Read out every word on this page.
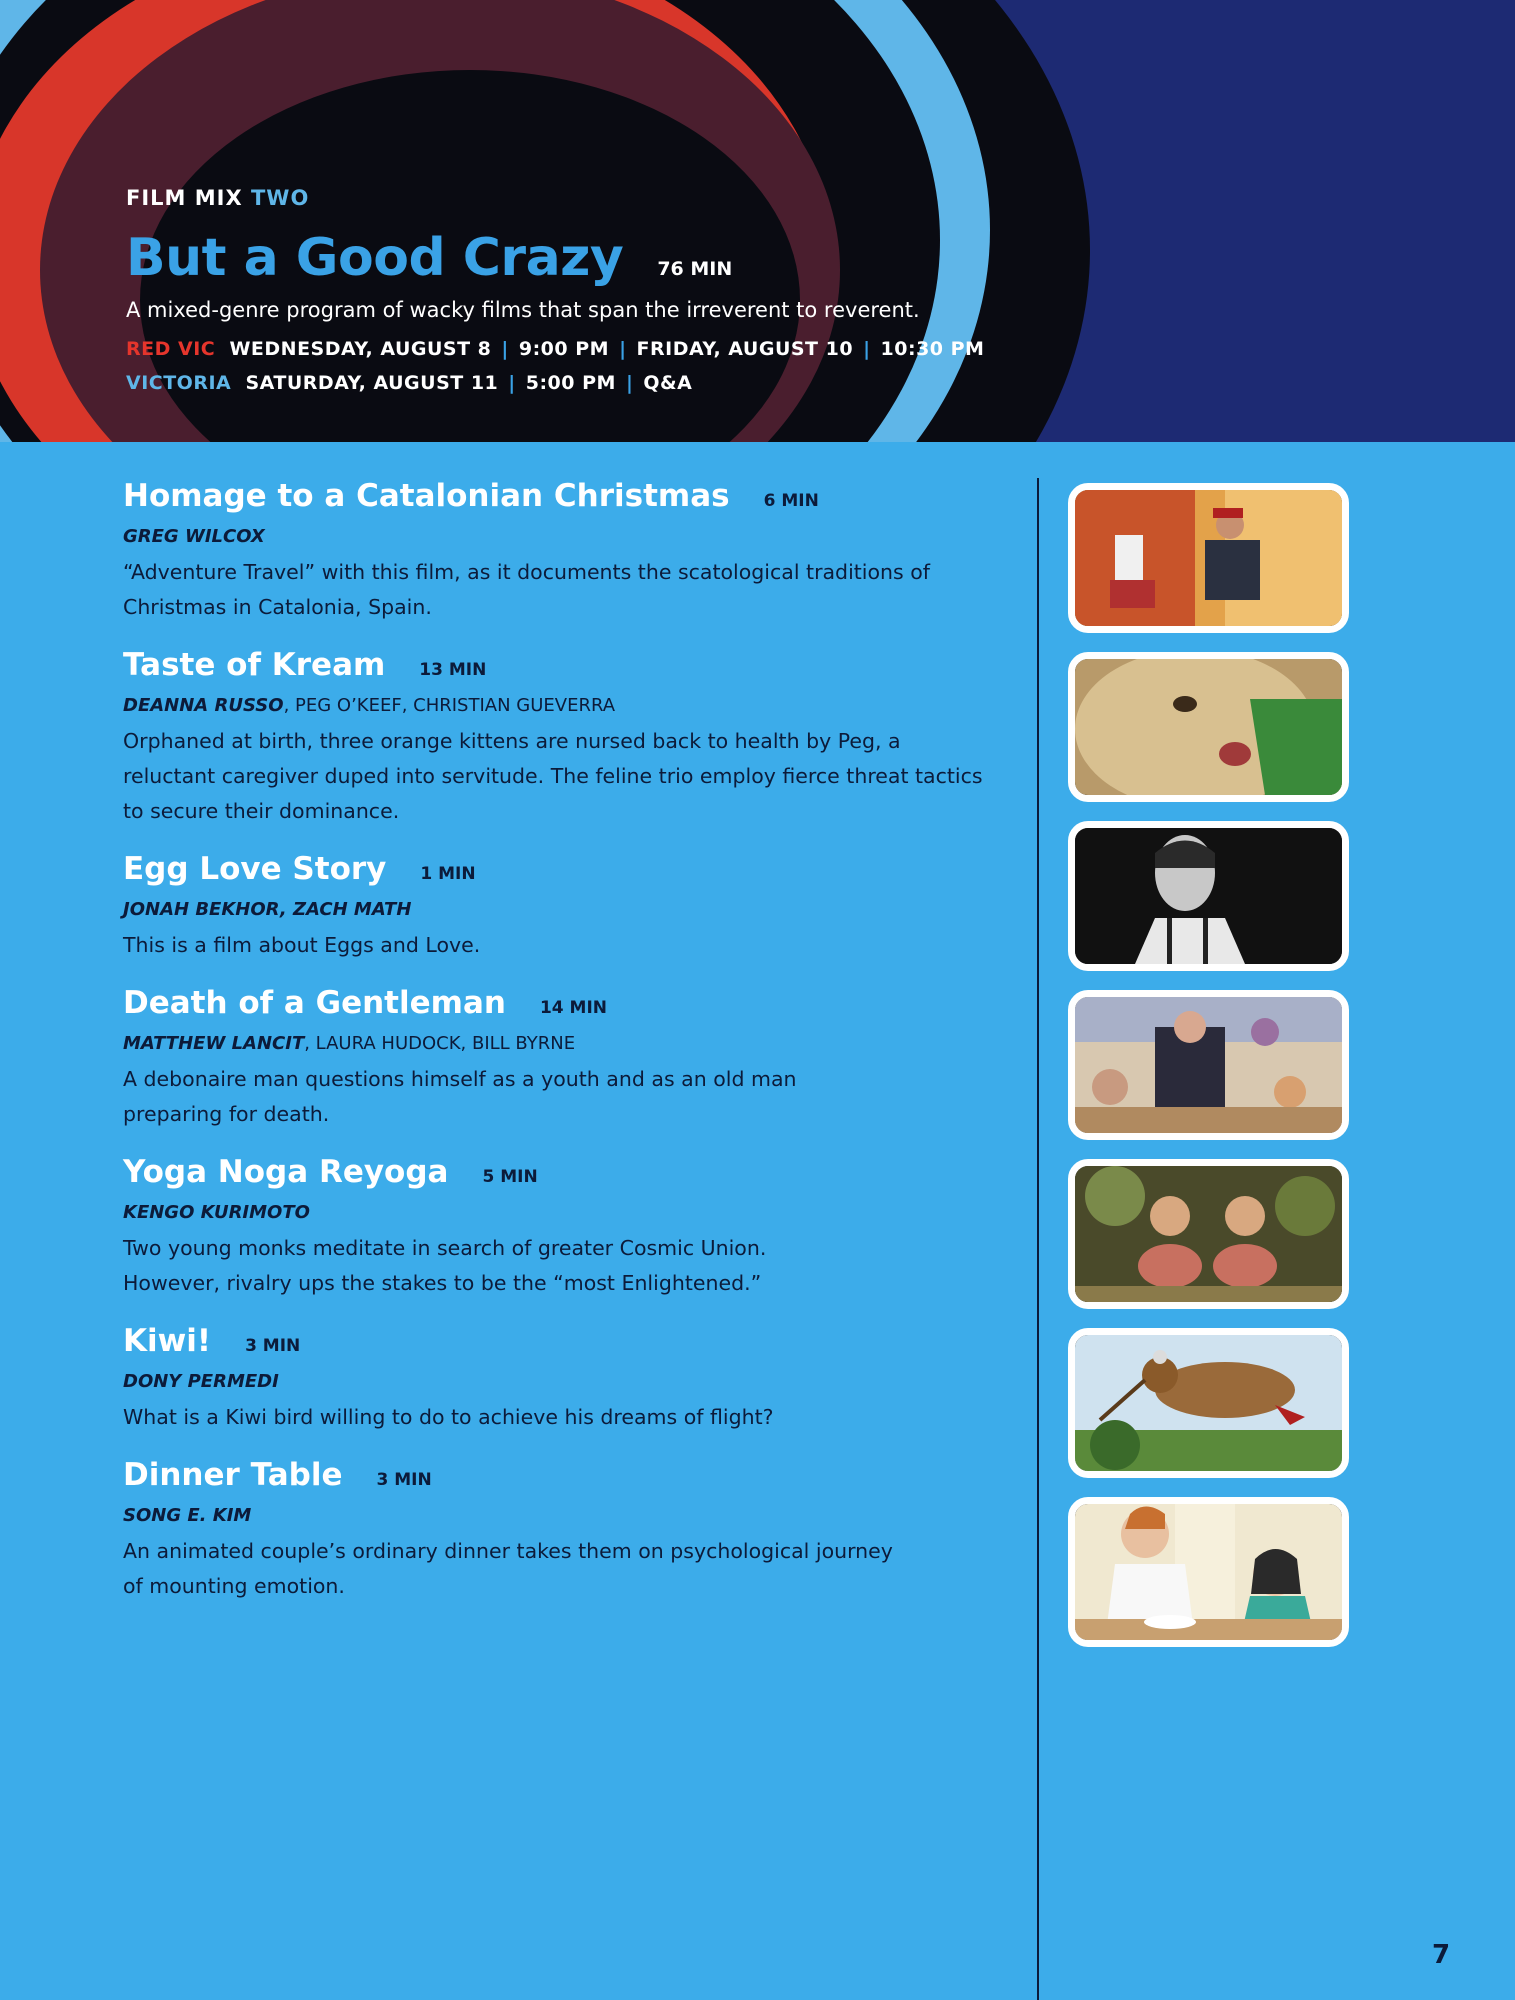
FILM MIX TWO
But a Good Crazy 76 MIN
A mixed-genre program of wacky films that span the irreverent to reverent.
RED VIC WEDNESDAY, AUGUST 8 | 9:00 PM | FRIDAY, AUGUST 10 | 10:30 PM
VICTORIA SATURDAY, AUGUST 11 | 5:00 PM | Q&A
Homage to a Catalonian Christmas 6 MIN
GREG WILCOX
“Adventure Travel” with this film, as it documents the scatological traditions of
Christmas in Catalonia, Spain.
Taste of Kream 13 MIN
DEANNA RUSSO, PEG O’KEEF, CHRISTIAN GUEVERRA
Orphaned at birth, three orange kittens are nursed back to health by Peg, a
reluctant caregiver duped into servitude. The feline trio employ fierce threat tactics
to secure their dominance.
Egg Love Story 1 MIN
JONAH BEKHOR, ZACH MATH
This is a film about Eggs and Love.
Death of a Gentleman 14 MIN
MATTHEW LANCIT, LAURA HUDOCK, BILL BYRNE
A debonaire man questions himself as a youth and as an old man
preparing for death.
Yoga Noga Reyoga 5 MIN
KENGO KURIMOTO
Two young monks meditate in search of greater Cosmic Union.
However, rivalry ups the stakes to be the “most Enlightened.”
Kiwi! 3 MIN
DONY PERMEDI
What is a Kiwi bird willing to do to achieve his dreams of flight?
Dinner Table 3 MIN
SONG E. KIM
An animated couple’s ordinary dinner takes them on psychological journey
of mounting emotion.
7
